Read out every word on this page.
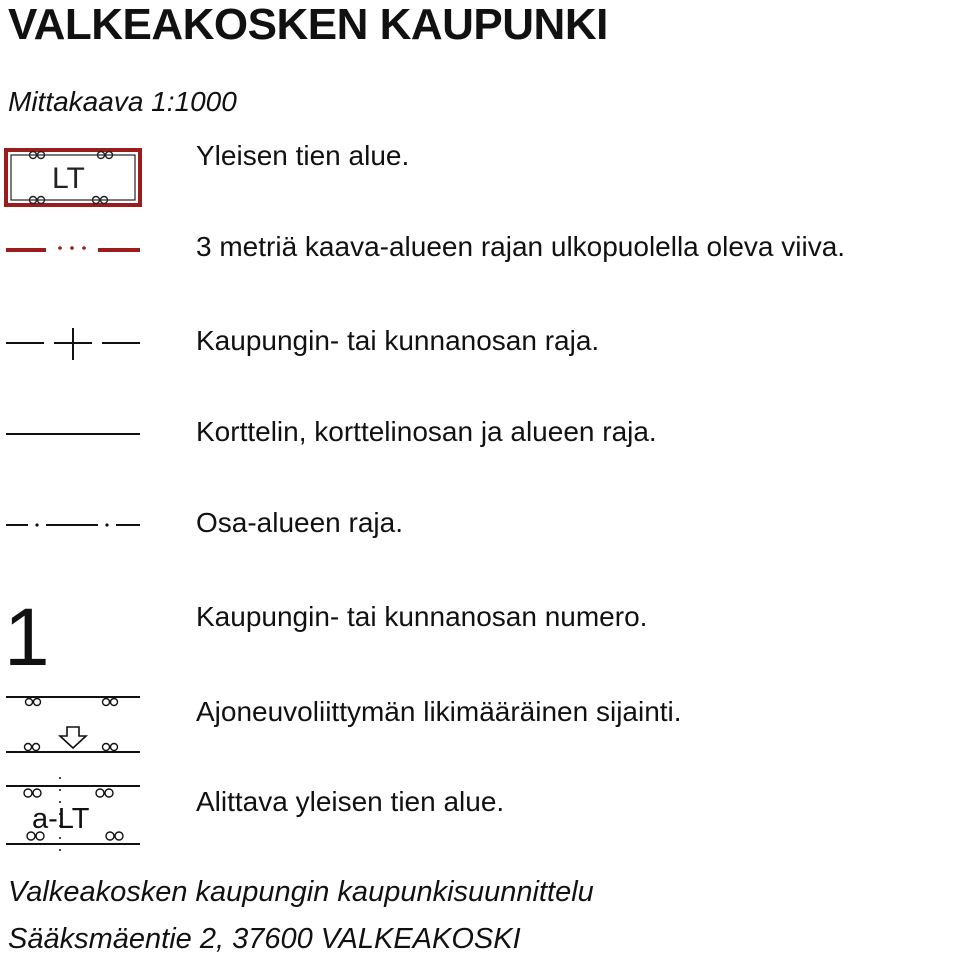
VALKEAKOSKEN KAUPUNKI
Mittakaava 1:1000
LT
Yleisen tien alue.
3 metriä kaava-alueen rajan ulkopuolella oleva viiva.
Kaupungin- tai kunnanosan raja.
Korttelin, korttelinosan ja alueen raja.
Osa-alueen raja.
1	Kaupungin- tai kunnanosan numero.
Ajoneuvoliittymän likimääräinen sijainti.
a-LT
Alittava yleisen tien alue.
Valkeakosken kaupungin kaupunkisuunnittelu
Sääksmäentie 2, 37600 VALKEAKOSKI
